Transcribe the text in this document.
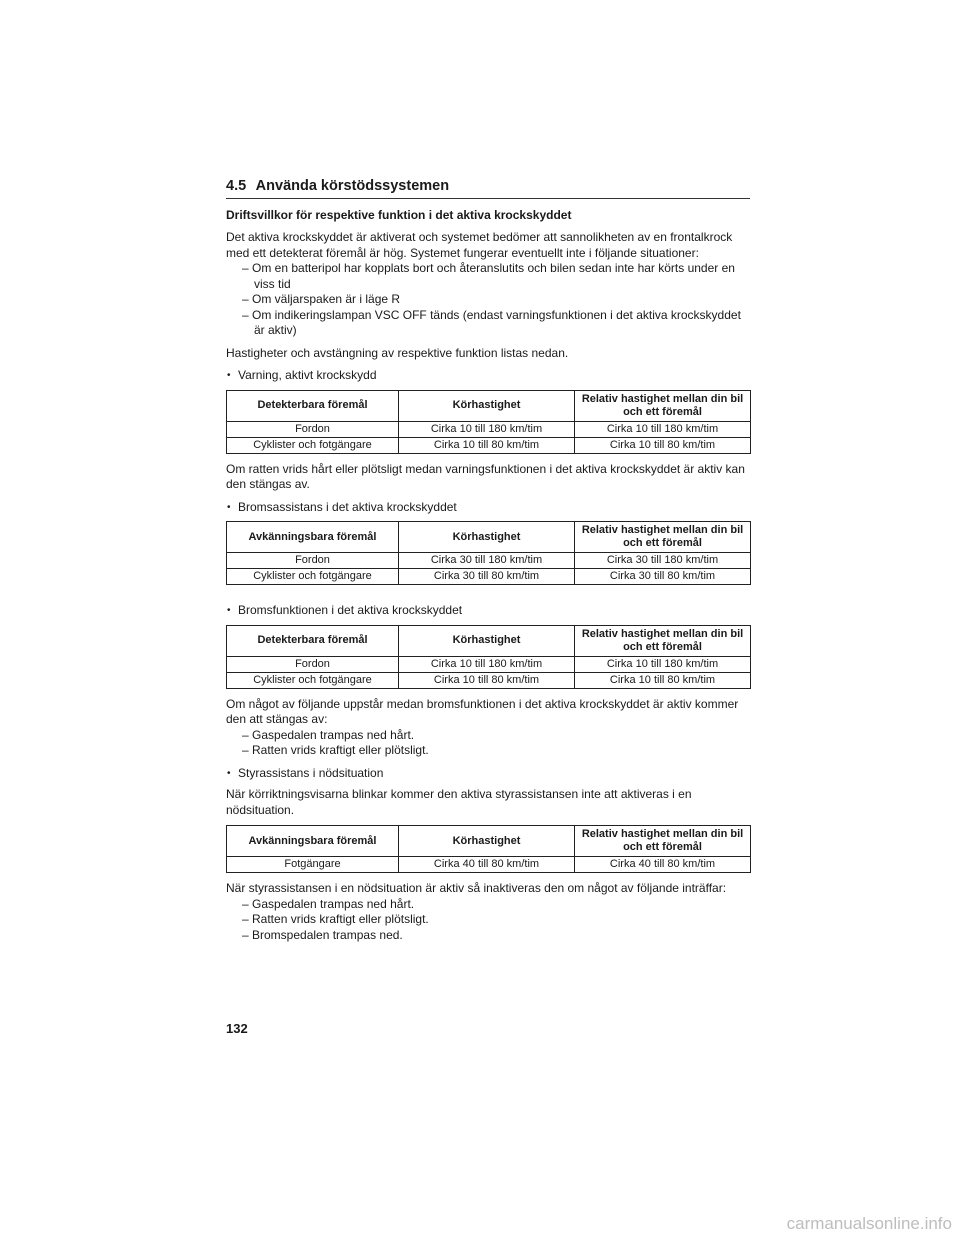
4.5 Använda körstödssystemen
Driftsvillkor för respektive funktion i det aktiva krockskyddet

Det aktiva krockskyddet är aktiverat och systemet bedömer att sannolikheten av en frontalkrock med ett detekterat föremål är hög. Systemet fungerar eventuellt inte i följande situationer:

– Om en batteripol har kopplats bort och återanslutits och bilen sedan inte har körts under en viss tid
– Om väljarspaken är i läge R
– Om indikeringslampan VSC OFF tänds (endast varningsfunktionen i det aktiva krockskyddet är aktiv)

Hastigheter och avstängning av respektive funktion listas nedan.

• Varning, aktivt krockskydd
Detekterbara föremål	Körhastighet	Relativ hastighet mellan din bil och ett föremål
Fordon	Cirka 10 till 180 km/tim	Cirka 10 till 180 km/tim
Cyklister och fotgängare	Cirka 10 till 80 km/tim	Cirka 10 till 80 km/tim

Om ratten vrids hårt eller plötsligt medan varningsfunktionen i det aktiva krockskyddet är aktiv kan den stängas av.

• Bromsassistans i det aktiva krockskyddet
Avkänningsbara föremål	Körhastighet	Relativ hastighet mellan din bil och ett föremål
Fordon	Cirka 30 till 180 km/tim	Cirka 30 till 180 km/tim
Cyklister och fotgängare	Cirka 30 till 80 km/tim	Cirka 30 till 80 km/tim
• Bromsfunktionen i det aktiva krockskyddet
Detekterbara föremål	Körhastighet	Relativ hastighet mellan din bil och ett föremål
Fordon	Cirka 10 till 180 km/tim	Cirka 10 till 180 km/tim
Cyklister och fotgängare	Cirka 10 till 80 km/tim	Cirka 10 till 80 km/tim

Om något av följande uppstår medan bromsfunktionen i det aktiva krockskyddet är aktiv kommer den att stängas av:

– Gaspedalen trampas ned hårt.
– Ratten vrids kraftigt eller plötsligt.
• Styrassistans i nödsituation

När körriktningsvisarna blinkar kommer den aktiva styrassistansen inte att aktiveras i en nödsituation.

Avkänningsbara föremål	Körhastighet	Relativ hastighet mellan din bil och ett föremål
Fotgängare	Cirka 40 till 80 km/tim	Cirka 40 till 80 km/tim

När styrassistansen i en nödsituation är aktiv så inaktiveras den om något av följande inträffar:

– Gaspedalen trampas ned hårt.
– Ratten vrids kraftigt eller plötsligt.
– Bromspedalen trampas ned.
132
carmanualsonline.info
